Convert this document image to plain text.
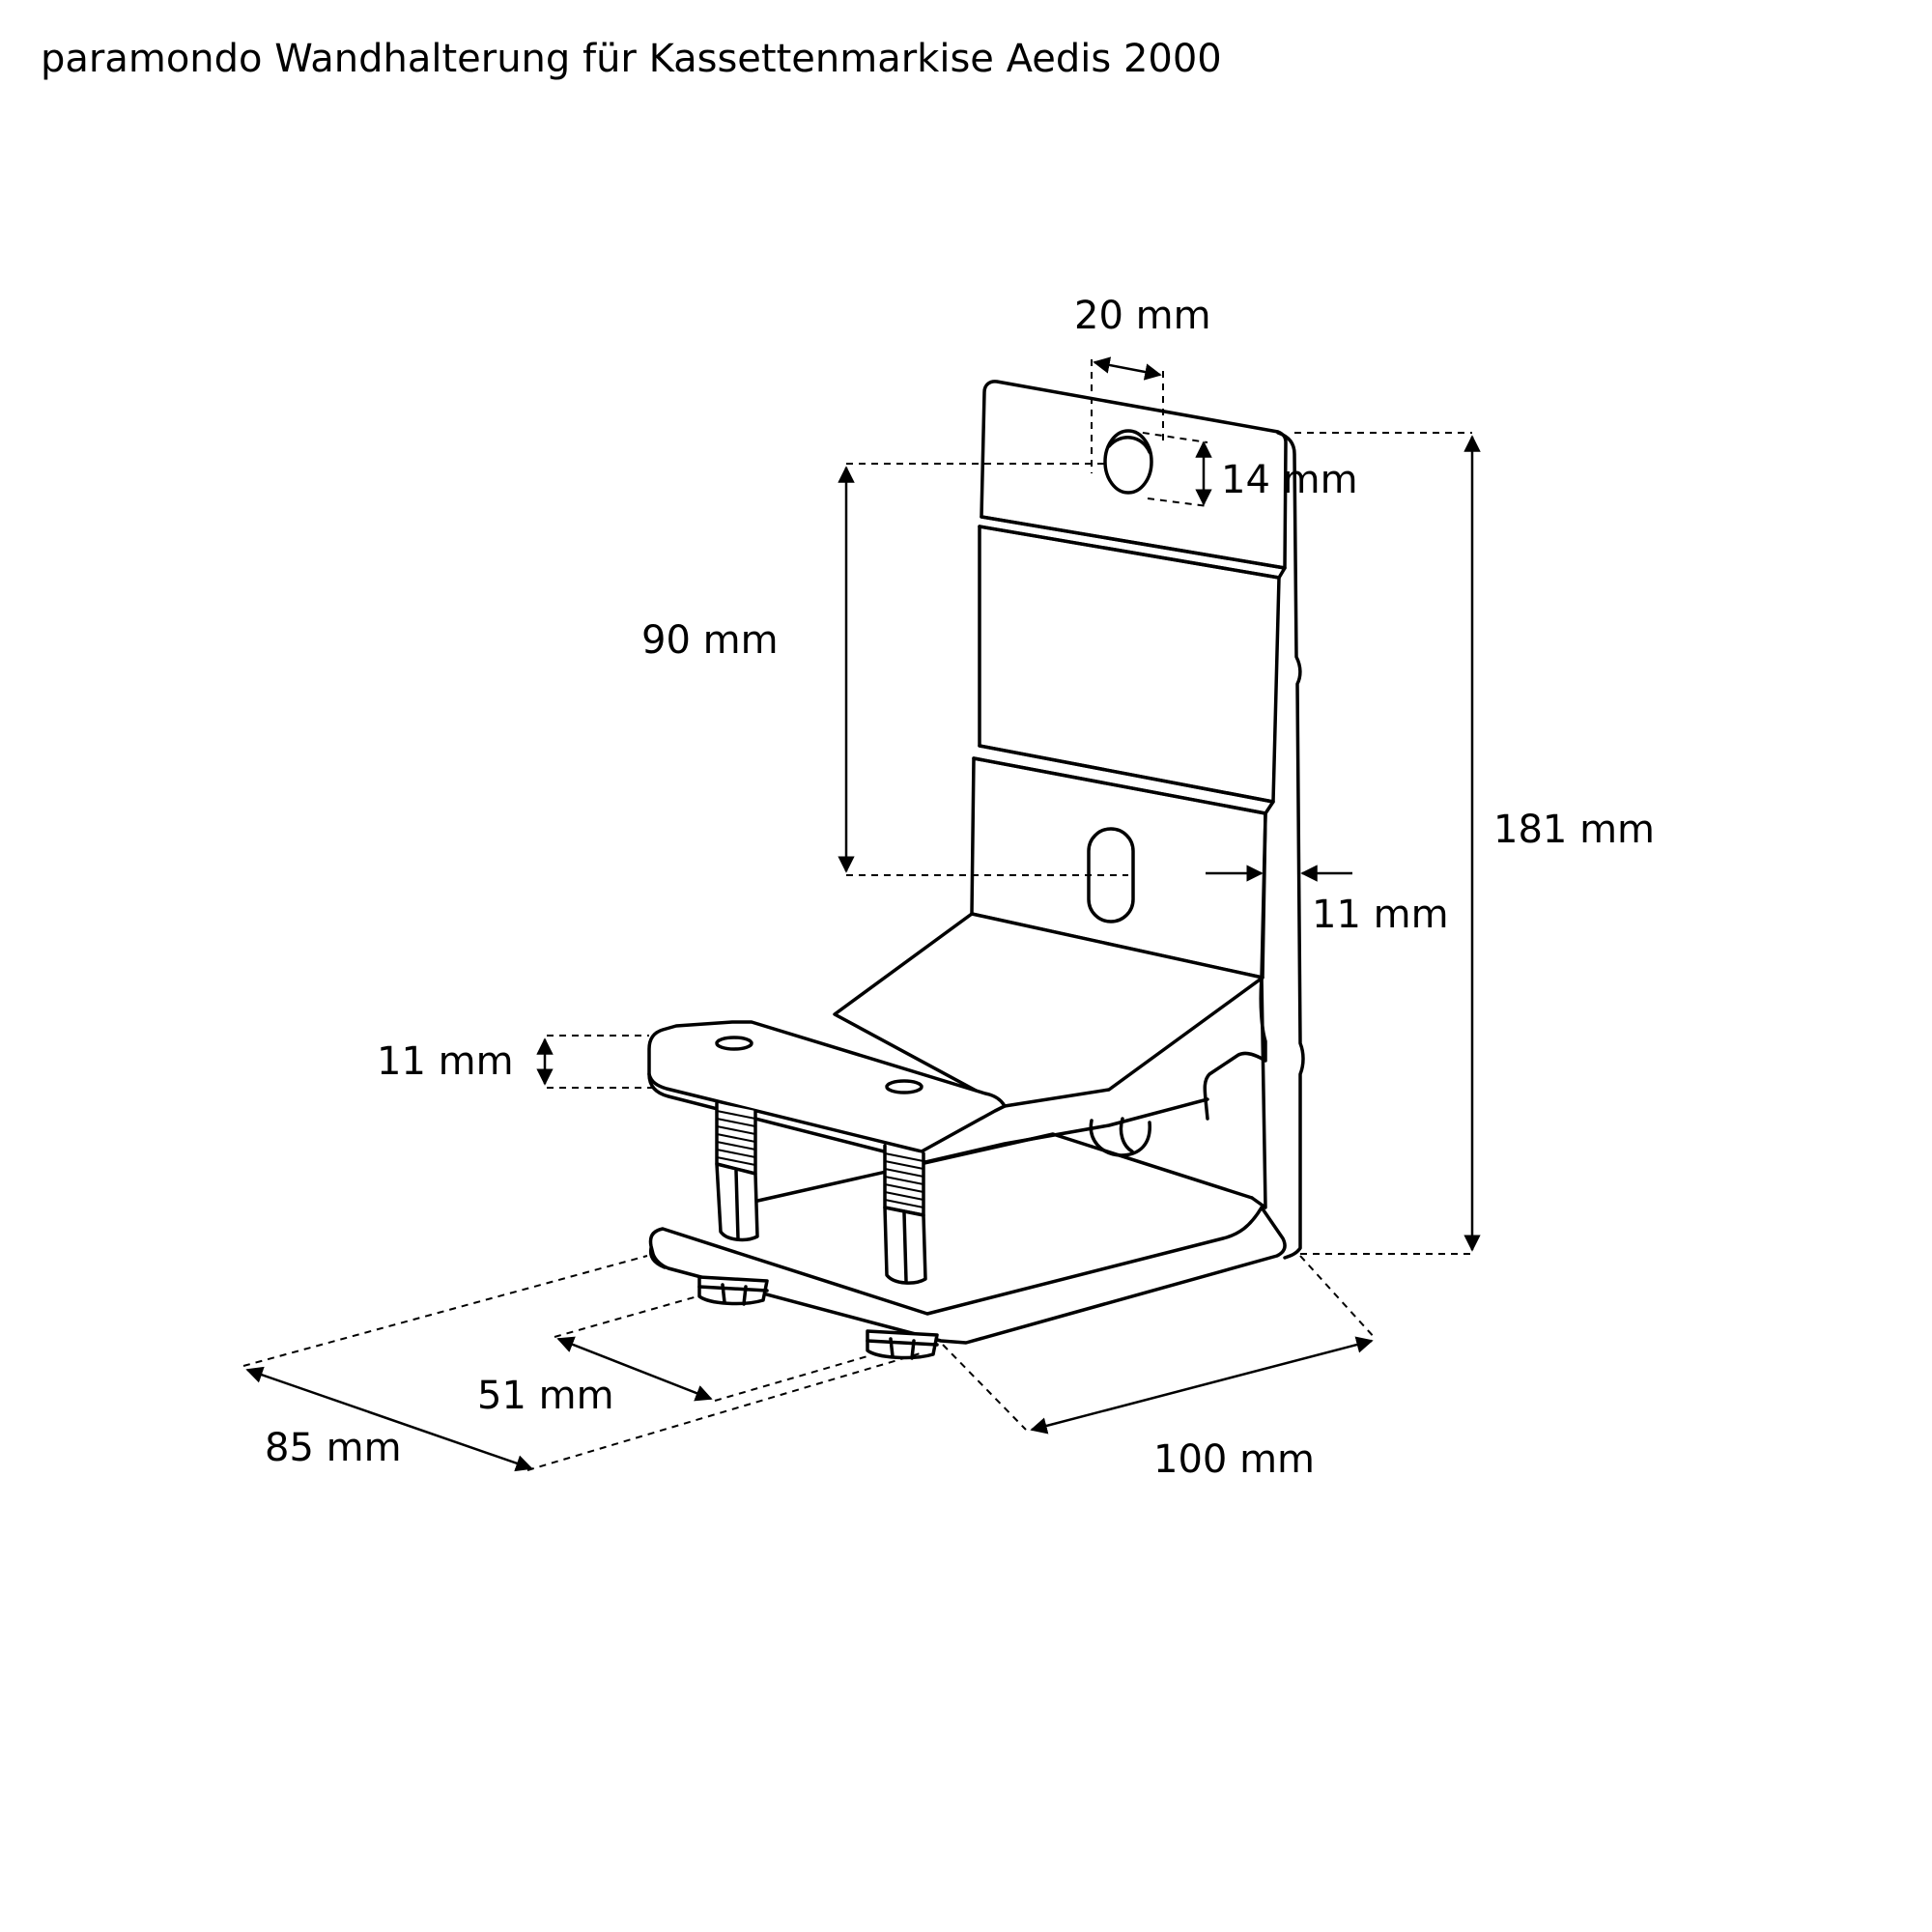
paramondo Wandhalterung für Kassettenmarkise Aedis 2000
20 mm
14 mm
90 mm
181 mm
11 mm
11 mm
51 mm
85 mm	100 mm
